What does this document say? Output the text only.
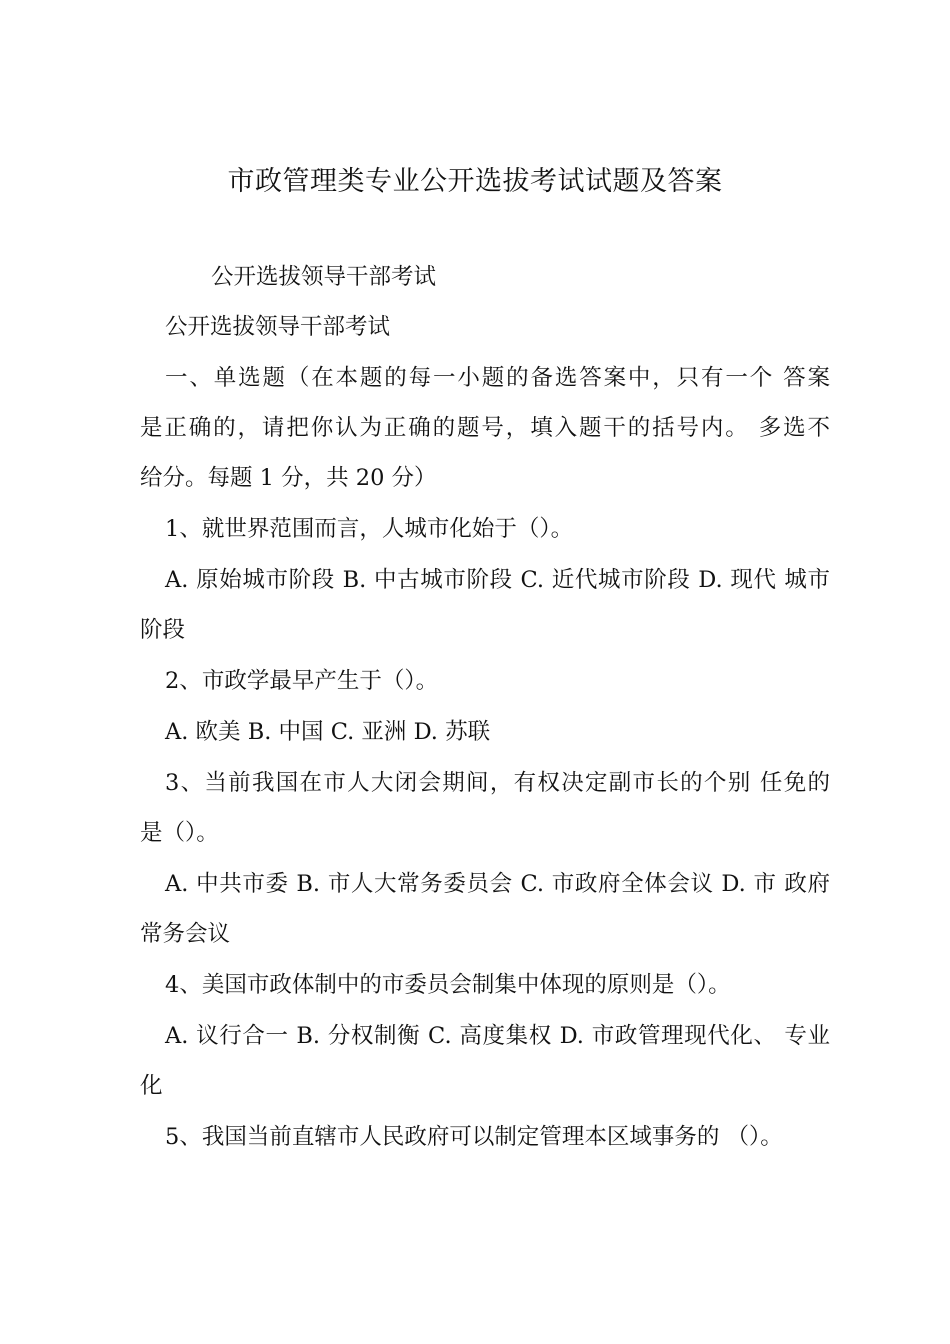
市政管理类专业公开选拔考试试题及答案
公开选拔领导干部考试
公开选拔领导干部考试
一、单选题（在本题的每一小题的备选答案中，只有一个 答案
是正确的，请把你认为正确的题号，填入题干的括号内。 多选不
给分。每题 1 分，共 20 分）
1、就世界范围而言，人城市化始于（）。
A. 原始城市阶段 B. 中古城市阶段 C. 近代城市阶段 D. 现代 城市
阶段
2、市政学最早产生于（）。
A. 欧美 B. 中国 C. 亚洲 D. 苏联
3、当前我国在市人大闭会期间，有权决定副市长的个别 任免的
是（）。
A. 中共市委 B. 市人大常务委员会 C. 市政府全体会议 D. 市 政府
常务会议
4、美国市政体制中的市委员会制集中体现的原则是（）。
A. 议行合一 B. 分权制衡 C. 高度集权 D. 市政管理现代化、 专业
化
5、我国当前直辖市人民政府可以制定管理本区域事务的 （）。
